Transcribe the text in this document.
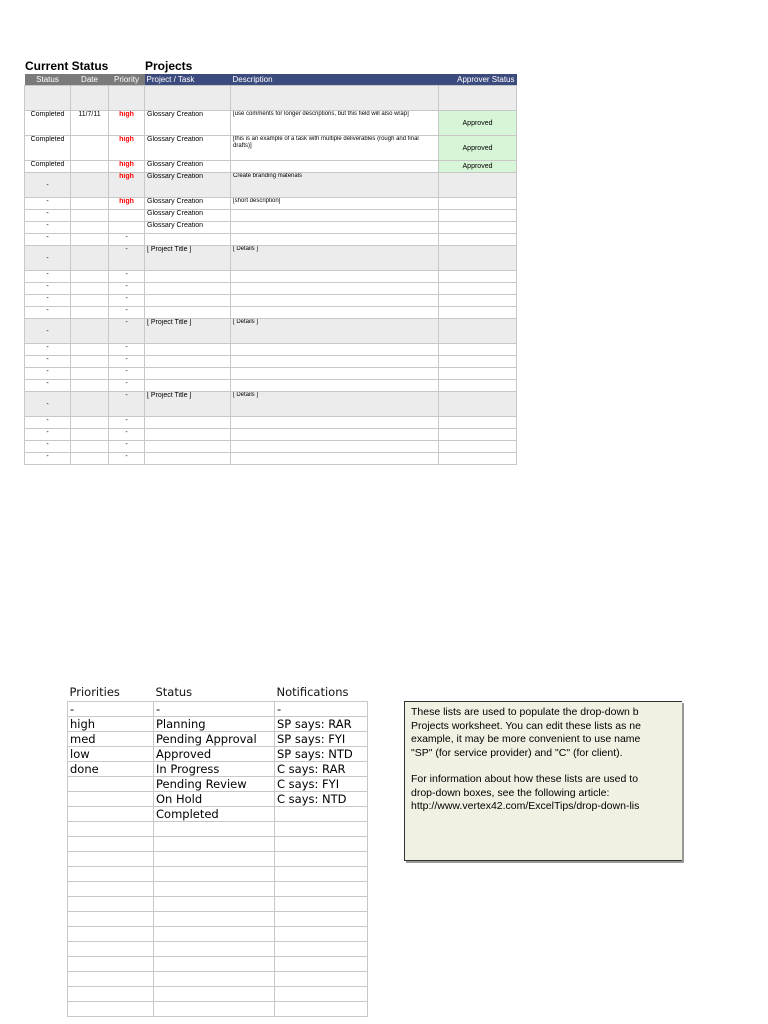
Current Status	Projects
Status	Date	Priority	Project / Task	Description	Approver Status

Completed	11/7/11	high	Glossary Creation	[use comments for longer descriptions, but this field will also wrap]	Approved
Completed		high	Glossary Creation	[this is an example of a task with multiple deliverables (rough and final drafts)]	Approved
Completed		high	Glossary Creation		Approved
-		high	Glossary Creation	Create branding materials	
-		high	Glossary Creation	[short description]	
-			Glossary Creation		
-			Glossary Creation		
-		-			
-		-	[ Project Title ]	[ Details ]	
-		-			
-		-			
-		-			
-		-			
-		-	[ Project Title ]	[ Details ]	
-		-			
-		-			
-		-			
-		-			
-		-	[ Project Title ]	[ Details ]	
-		-			
-		-			
-		-			
-		-			
Priorities	Status	Notifications
-	-	-
high	Planning	SP says: RAR
med	Pending Approval	SP says: FYI
low	Approved	SP says: NTD
done	In Progress	C says: RAR
	Pending Review	C says: FYI
	On Hold	C says: NTD
	Completed	

These lists are used to populate the drop-down b
Projects worksheet. You can edit these lists as ne
example, it may be more convenient to use name
"SP" (for service provider) and "C" (for client).

For information about how these lists are used to
drop-down boxes, see the following article:
http://www.vertex42.com/ExcelTips/drop-down-lis
